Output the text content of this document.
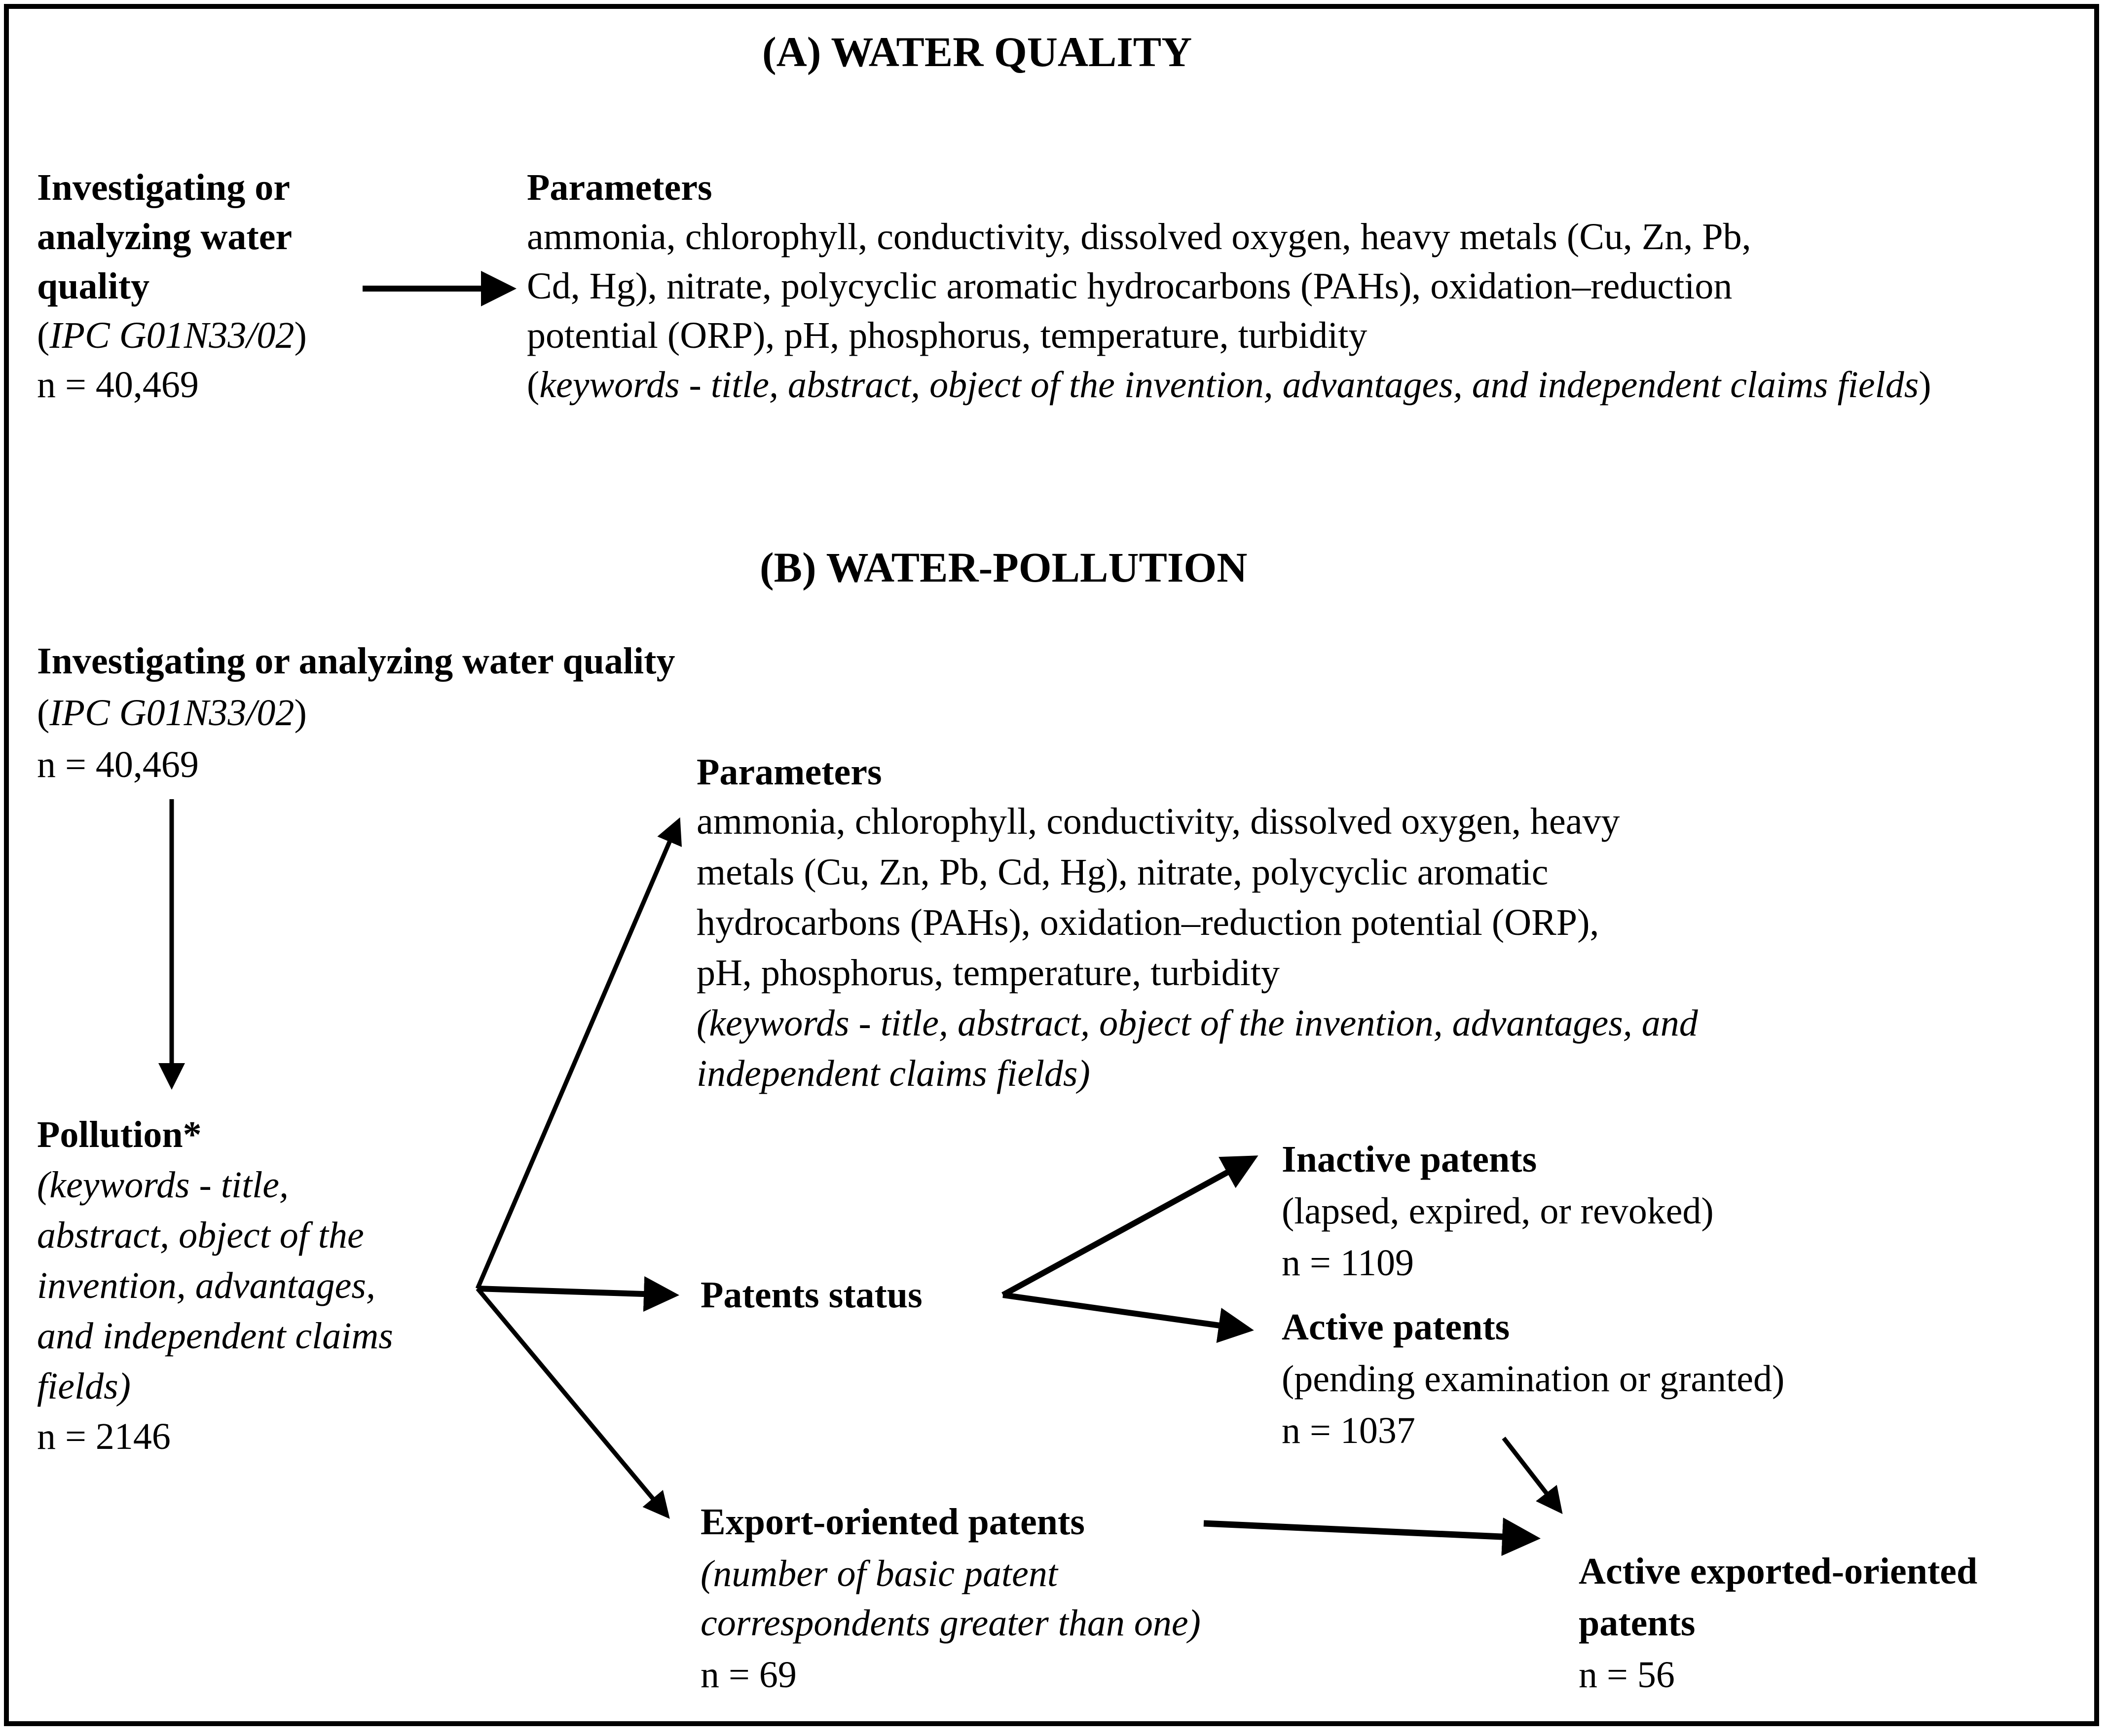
(A) WATER QUALITY
Investigating or
analyzing water
quality
(IPC G01N33/02)
n = 40,469
Parameters
ammonia, chlorophyll, conductivity, dissolved oxygen, heavy metals (Cu, Zn, Pb,
Cd, Hg), nitrate, polycyclic aromatic hydrocarbons (PAHs), oxidation–reduction
potential (ORP), pH, phosphorus, temperature, turbidity
(keywords - title, abstract, object of the invention, advantages, and independent claims fields)
(B) WATER-POLLUTION
Investigating or analyzing water quality
(IPC G01N33/02)
n = 40,469	Parameters
ammonia, chlorophyll, conductivity, dissolved oxygen, heavy
metals (Cu, Zn, Pb, Cd, Hg), nitrate, polycyclic aromatic
hydrocarbons (PAHs), oxidation–reduction potential (ORP),
pH, phosphorus, temperature, turbidity
(keywords - title, abstract, object of the invention, advantages, and
independent claims fields)
Pollution*
(keywords - title,
abstract, object of the
invention, advantages,
and independent claims
fields)
n = 2146
Patents status
Inactive patents
(lapsed, expired, or revoked)
n = 1109
Active patents
(pending examination or granted)
n = 1037
Export-oriented patents
(number of basic patent
correspondents greater than one)
n = 69
Active exported-oriented
patents
n = 56
